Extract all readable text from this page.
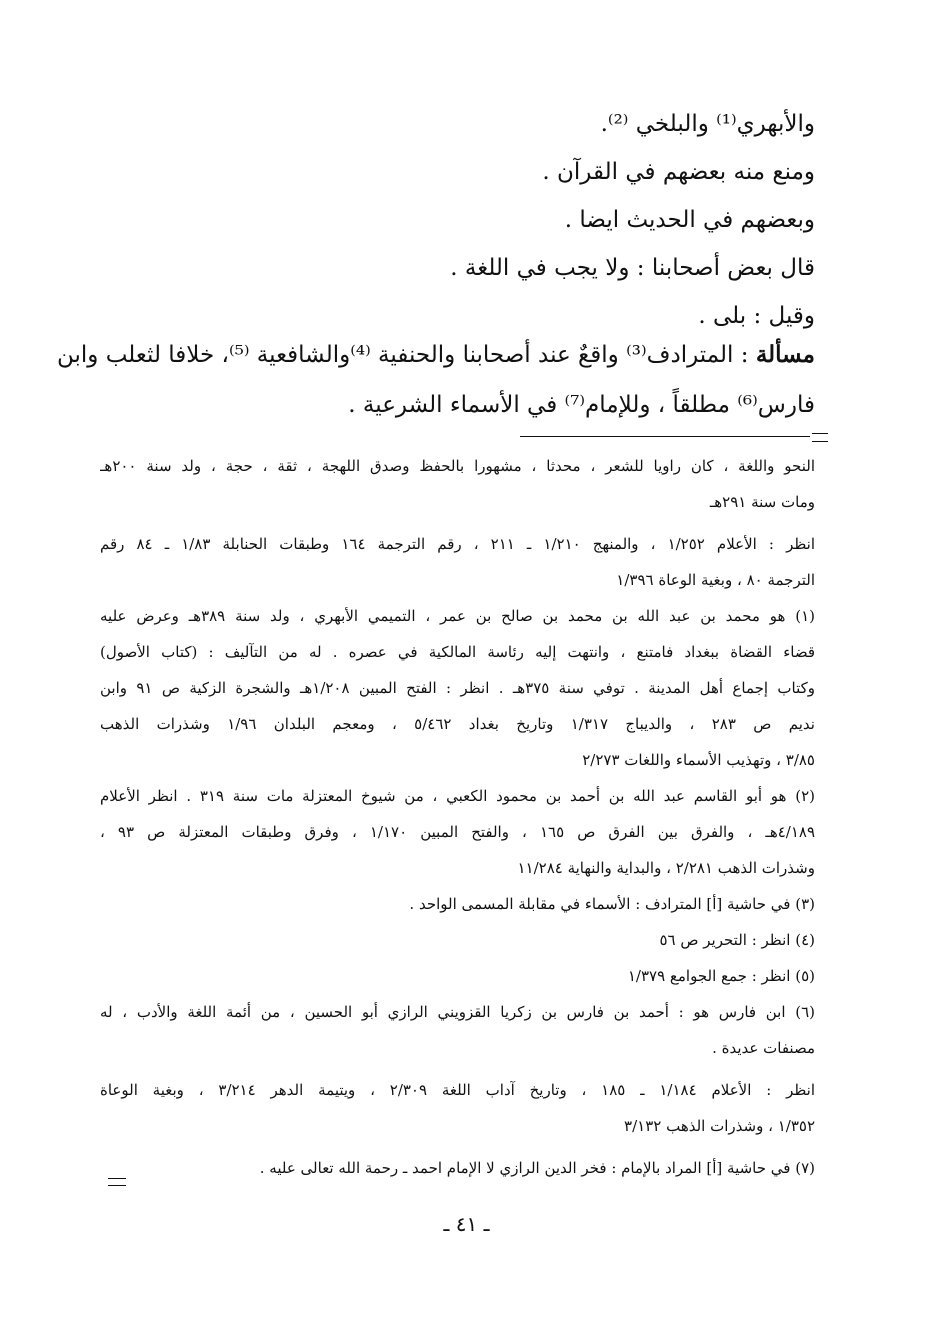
والأبهري⁽¹⁾ والبلخي ⁽²⁾.
ومنع منه بعضهم في القرآن .
وبعضهم في الحديث ايضا .
قال بعض أصحابنا : ولا يجب في اللغة .
وقيل : بلى .
مسألة : المترادف⁽³⁾ واقعٌ عند أصحابنا والحنفية ⁽⁴⁾والشافعية ⁽⁵⁾، خلافا لثعلب وابن
فارس⁽⁶⁾ مطلقاً ، وللإمام⁽⁷⁾ في الأسماء الشرعية .
النحو واللغة ، كان راويا للشعر ، محدثا ، مشهورا بالحفظ وصدق اللهجة ، ثقة ، حجة ، ولد سنة ٢٠٠هـ
ومات سنة ٢٩١هـ
انظر : الأعلام ١/٢٥٢ ، والمنهج ١/٢١٠ ـ ٢١١ ، رقم الترجمة ١٦٤ وطبقات الحنابلة ١/٨٣ ـ ٨٤ رقم
الترجمة ٨٠ ، وبغية الوعاة ١/٣٩٦
(١) هو محمد بن عبد الله بن محمد بن صالح بن عمر ، التميمي الأبهري ، ولد سنة ٣٨٩هـ وعرض عليه
قضاء القضاة ببغداد فامتنع ، وانتهت إليه رئاسة المالكية في عصره . له من التآليف : (كتاب الأصول)
وكتاب إجماع أهل المدينة . توفي سنة ٣٧٥هـ . انظر : الفتح المبين ١/٢٠٨هـ والشجرة الزكية ص ٩١ وابن
نديم ص ٢٨٣ ، والديباج ١/٣١٧ وتاريخ بغداد ٥/٤٦٢ ، ومعجم البلدان ١/٩٦ وشذرات الذهب
٣/٨٥ ، وتهذيب الأسماء واللغات ٢/٢٧٣
(٢) هو أبو القاسم عبد الله بن أحمد بن محمود الكعبي ، من شيوخ المعتزلة مات سنة ٣١٩ . انظر الأعلام
٤/١٨٩هـ ، والفرق بين الفرق ص ١٦٥ ، والفتح المبين ١/١٧٠ ، وفرق وطبقات المعتزلة ص ٩٣ ،
وشذرات الذهب ٢/٢٨١ ، والبداية والنهاية ١١/٢٨٤
(٣) في حاشية [أ] المترادف : الأسماء في مقابلة المسمى الواحد .
(٤) انظر : التحرير ص ٥٦
(٥) انظر : جمع الجوامع ١/٣٧٩
(٦) ابن فارس هو : أحمد بن فارس بن زكريا القزويني الرازي أبو الحسين ، من أئمة اللغة والأدب ، له
مصنفات عديدة .
انظر : الأعلام ١/١٨٤ ـ ١٨٥ ، وتاريخ آداب اللغة ٢/٣٠٩ ، ويتيمة الدهر ٣/٢١٤ ، وبغية الوعاة
١/٣٥٢ ، وشذرات الذهب ٣/١٣٢
(٧) في حاشية [أ] المراد بالإمام : فخر الدين الرازي لا الإمام احمد ـ رحمة الله تعالى عليه .
ـ ٤١ ـ
